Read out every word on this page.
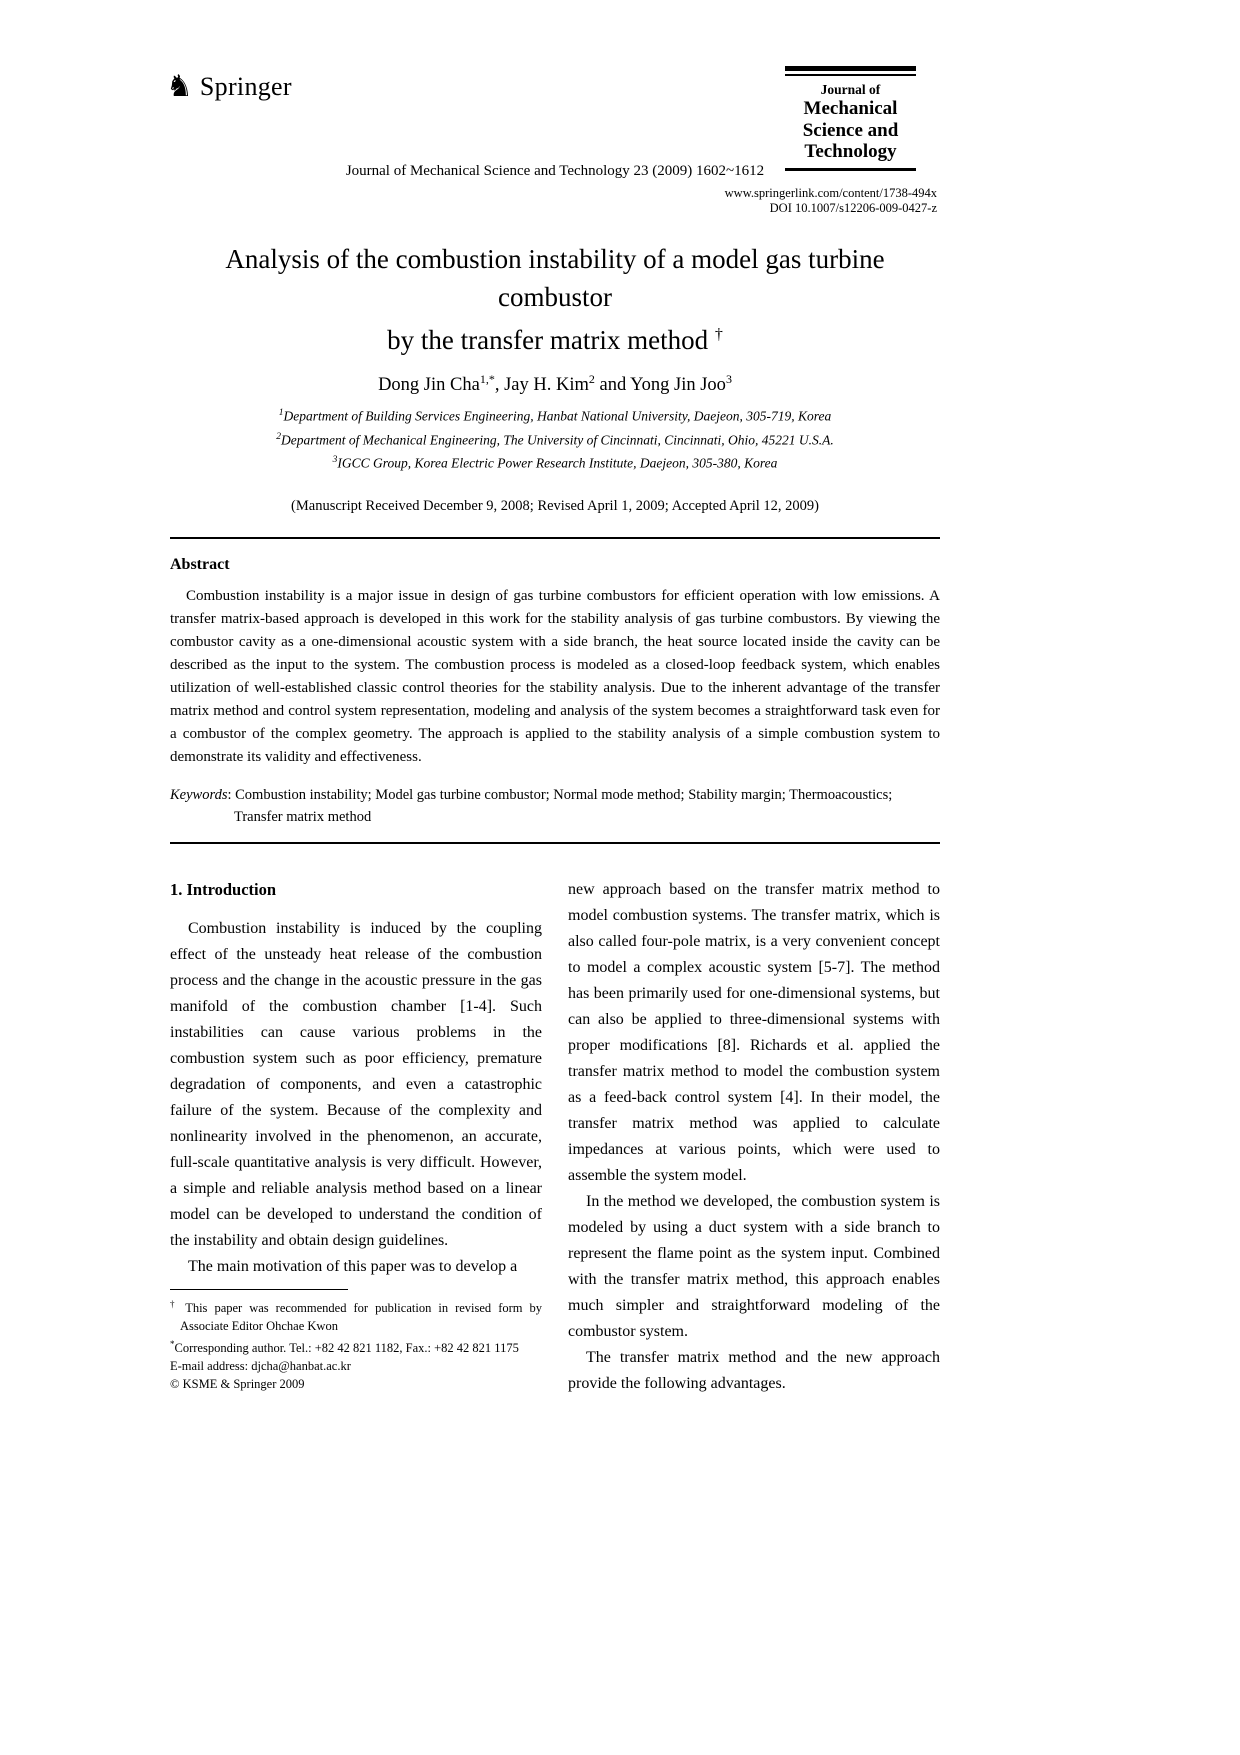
♞ Springer	Journal of
Mechanical
Science and
Technology
Journal of Mechanical Science and Technology 23 (2009) 1602~1612
www.springerlink.com/content/1738-494x
DOI 10.1007/s12206-009-0427-z
Analysis of the combustion instability of a model gas turbine combustor
by the transfer matrix method †
Dong Jin Cha$^{1,*}$, Jay H. Kim$^2$ and Yong Jin Joo$^3$
$^1$Department of Building Services Engineering, Hanbat National University, Daejeon, 305-719, Korea
$^2$Department of Mechanical Engineering, The University of Cincinnati, Cincinnati, Ohio, 45221 U.S.A.
$^3$IGCC Group, Korea Electric Power Research Institute, Daejeon, 305-380, Korea
(Manuscript Received December 9, 2008; Revised April 1, 2009; Accepted April 12, 2009)
Abstract

Combustion instability is a major issue in design of gas turbine combustors for efficient operation with low emissions. A transfer matrix-based approach is developed in this work for the stability analysis of gas turbine combustors. By viewing the combustor cavity as a one-dimensional acoustic system with a side branch, the heat source located inside the cavity can be described as the input to the system. The combustion process is modeled as a closed-loop feedback system, which enables utilization of well-established classic control theories for the stability analysis. Due to the inherent advantage of the transfer matrix method and control system representation, modeling and analysis of the system becomes a straightforward task even for a combustor of the complex geometry. The approach is applied to the stability analysis of a simple combustion system to demonstrate its validity and effectiveness.

Keywords: Combustion instability; Model gas turbine combustor; Normal mode method; Stability margin; Thermoacoustics; Transfer matrix method
1. Introduction

Combustion instability is induced by the coupling effect of the unsteady heat release of the combustion process and the change in the acoustic pressure in the gas manifold of the combustion chamber [1-4]. Such instabilities can cause various problems in the combustion system such as poor efficiency, premature degradation of components, and even a catastrophic failure of the system. Because of the complexity and nonlinearity involved in the phenomenon, an accurate, full-scale quantitative analysis is very difficult. However, a simple and reliable analysis method based on a linear model can be developed to understand the condition of the instability and obtain design guidelines.

The main motivation of this paper was to develop a

† This paper was recommended for publication in revised form by Associate Editor Ohchae Kwon
*Corresponding author. Tel.: +82 42 821 1182, Fax.: +82 42 821 1175
E-mail address: djcha@hanbat.ac.kr
© KSME & Springer 2009

new approach based on the transfer matrix method to model combustion systems. The transfer matrix, which is also called four-pole matrix, is a very convenient concept to model a complex acoustic system [5-7]. The method has been primarily used for one-dimensional systems, but can also be applied to three-dimensional systems with proper modifications [8]. Richards et al. applied the transfer matrix method to model the combustion system as a feed-back control system [4]. In their model, the transfer matrix method was applied to calculate impedances at various points, which were used to assemble the system model.

In the method we developed, the combustion system is modeled by using a duct system with a side branch to represent the flame point as the system input. Combined with the transfer matrix method, this approach enables much simpler and straightforward modeling of the combustor system.

The transfer matrix method and the new approach provide the following advantages.
